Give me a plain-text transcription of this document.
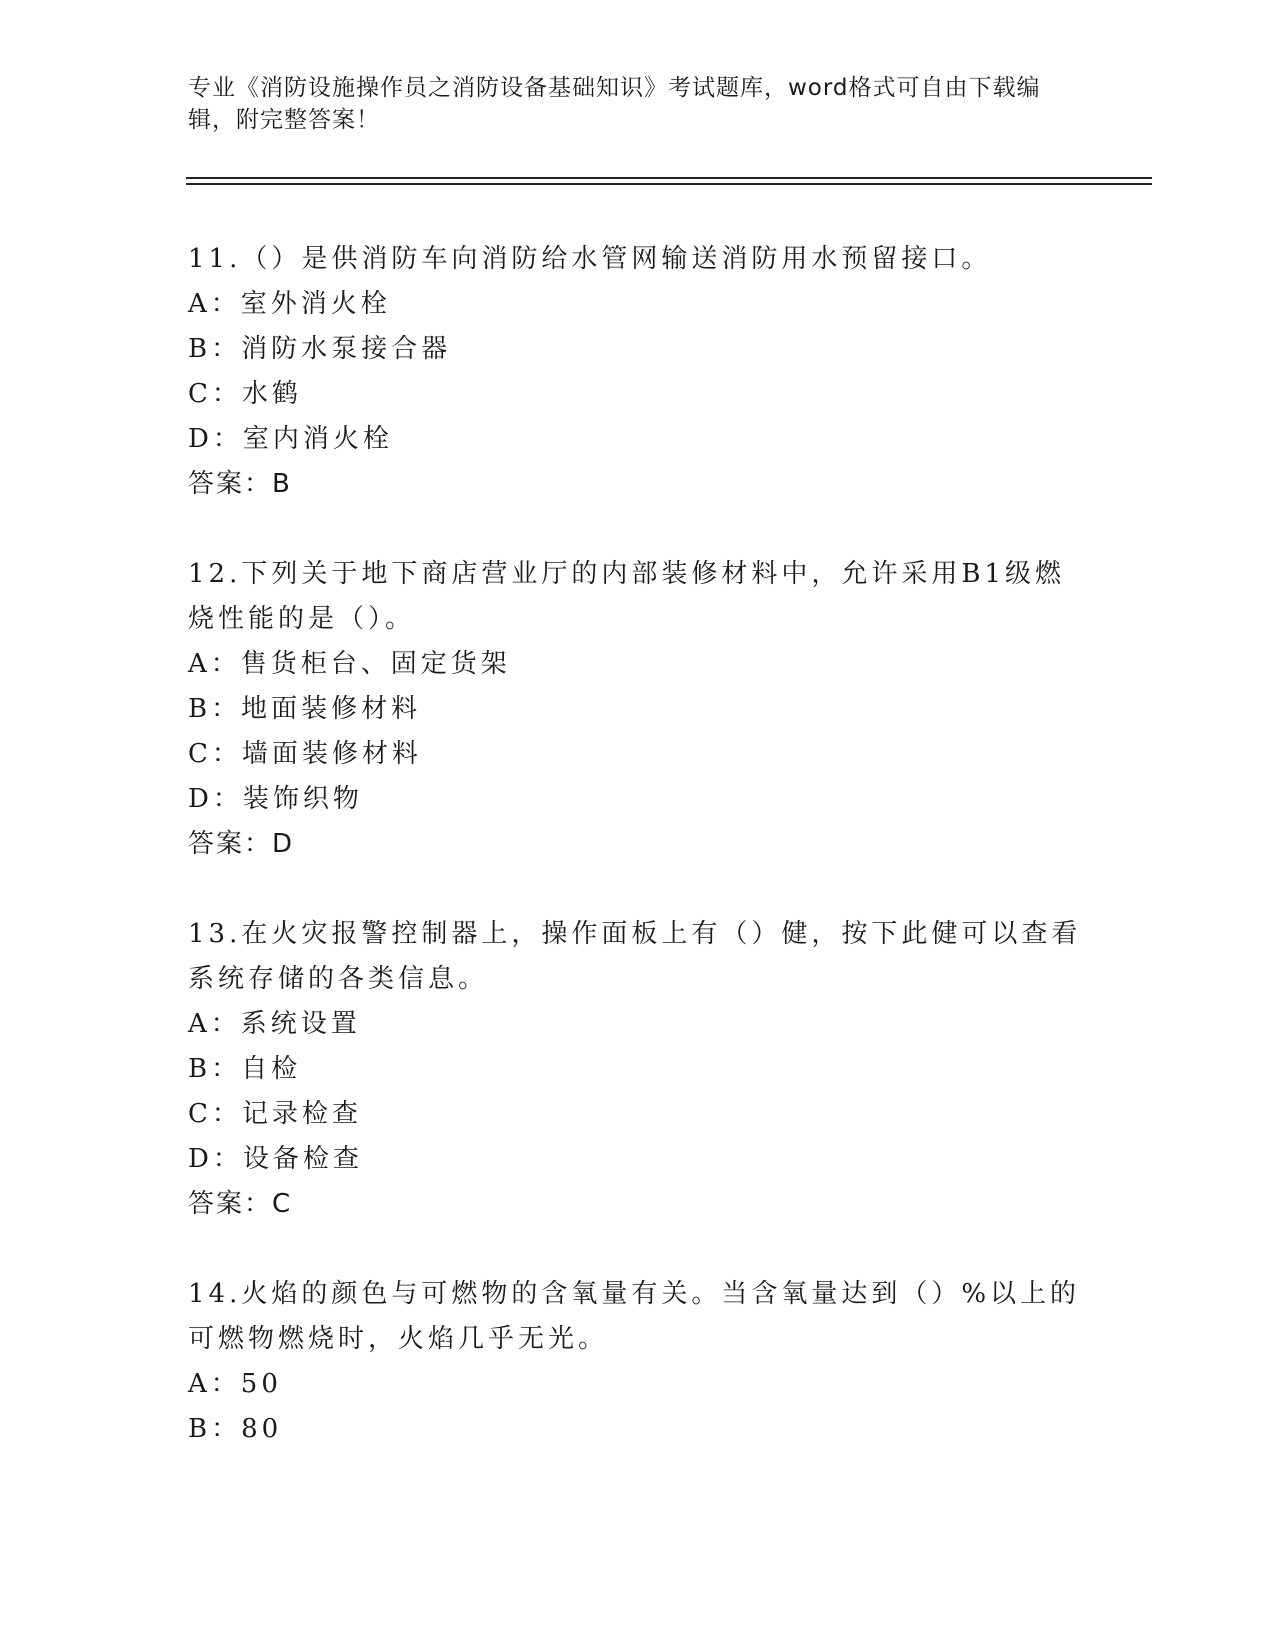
专业《消防设施操作员之消防设备基础知识》考试题库，word格式可自由下载编辑，附完整答案！

11.（）是供消防车向消防给水管网输送消防用水预留接口。

A：室外消火栓

B：消防水泵接合器

C：水鹤

D：室内消火栓

答案：B

12.下列关于地下商店营业厅的内部装修材料中，允许采用B1级燃烧性能的是（）。

A：售货柜台、固定货架

B：地面装修材料

C：墙面装修材料

D：装饰织物

答案：D

13.在火灾报警控制器上，操作面板上有（）健，按下此健可以查看系统存储的各类信息。

A：系统设置

B：自检

C：记录检查

D：设备检查

答案：C

14.火焰的颜色与可燃物的含氧量有关。当含氧量达到（）%以上的可燃物燃烧时，火焰几乎无光。

A：50

B：80
